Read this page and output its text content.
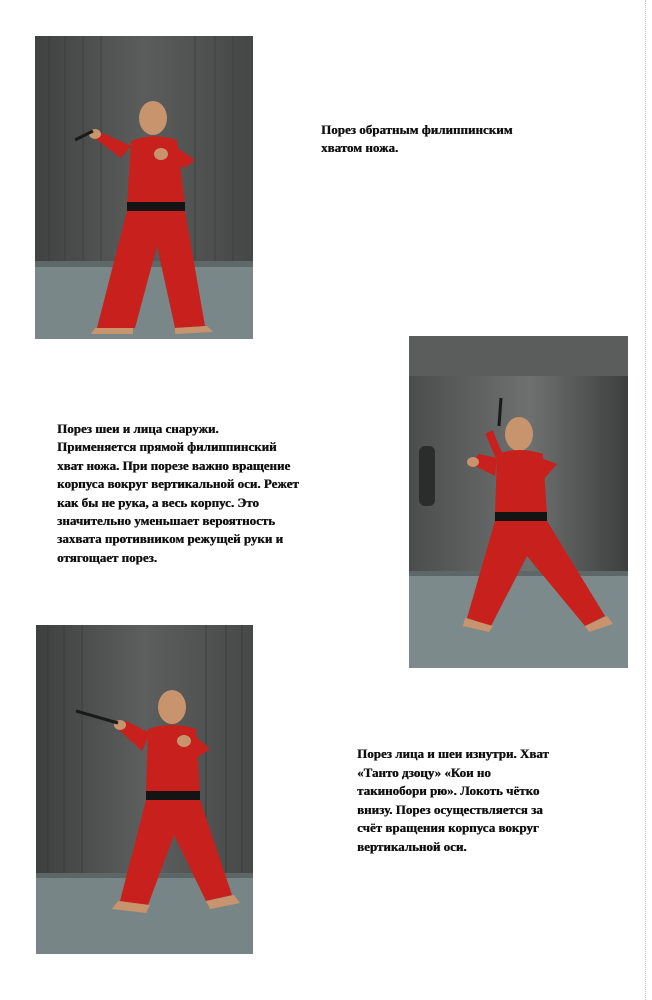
Порез обратным филиппинским
хватом ножа.

Порез шеи и лица снаружи.

Применяется прямой филиппинский

хват ножа. При порезе важно вращение

корпуса вокруг вертикальной оси. Режет

как бы не рука, а весь корпус. Это

значительно уменьшает вероятность

захвата противником режущей руки и

отягощает порез.

Порез лица и шеи изнутри. Хват

«Танто дзоцу» «Кои но

такинобори рю». Локоть чётко

внизу. Порез осуществляется за

счёт вращения корпуса вокруг

вертикальной оси.
